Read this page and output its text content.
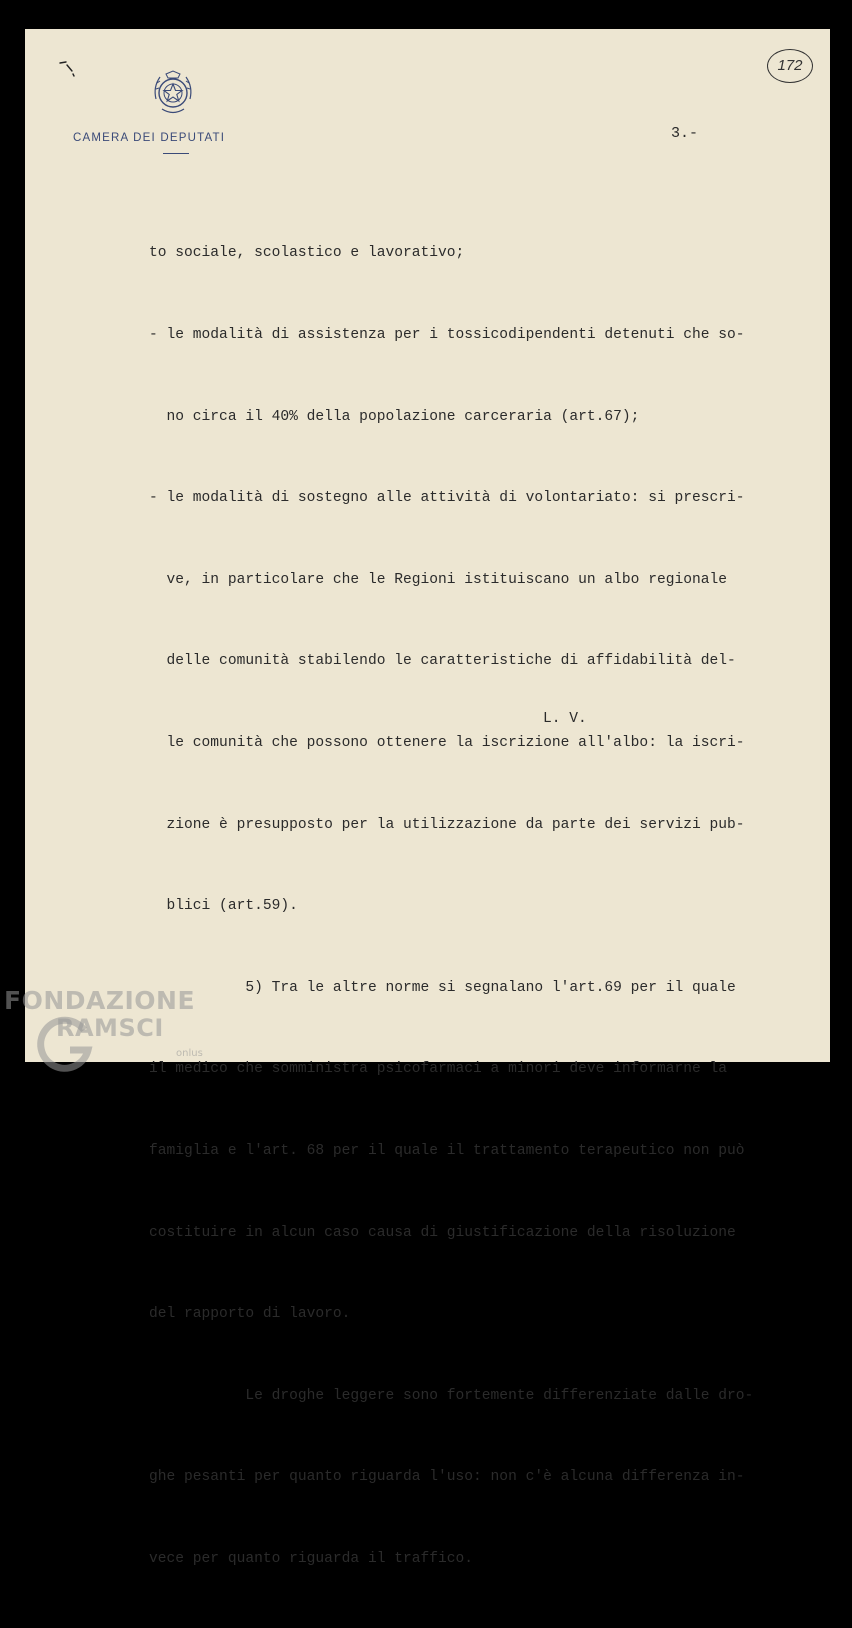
CAMERA DEI DEPUTATI
172
3.-

to sociale, scolastico e lavorativo;

- le modalità di assistenza per i tossicodipendenti detenuti che so-

no circa il 40% della popolazione carceraria (art.67);

- le modalità di sostegno alle attività di volontariato: si prescri-

ve, in particolare che le Regioni istituiscano un albo regionale

delle comunità stabilendo le caratteristiche di affidabilità del-

le comunità che possono ottenere la iscrizione all'albo: la iscri-

zione è presupposto per la utilizzazione da parte dei servizi pub-

blici (art.59).

5) Tra le altre norme si segnalano l'art.69 per il quale

il medico che somministra psicofarmaci a minori deve informarne la

famiglia e l'art. 68 per il quale il trattamento terapeutico non può

costituire in alcun caso causa di giustificazione della risoluzione

del rapporto di lavoro.

Le droghe leggere sono fortemente differenziate dalle dro-

ghe pesanti per quanto riguarda l'uso: non c'è alcuna differenza in-

vece per quanto riguarda il traffico.

L. V.
FONDAZIONE
RAMSCI
onlus
